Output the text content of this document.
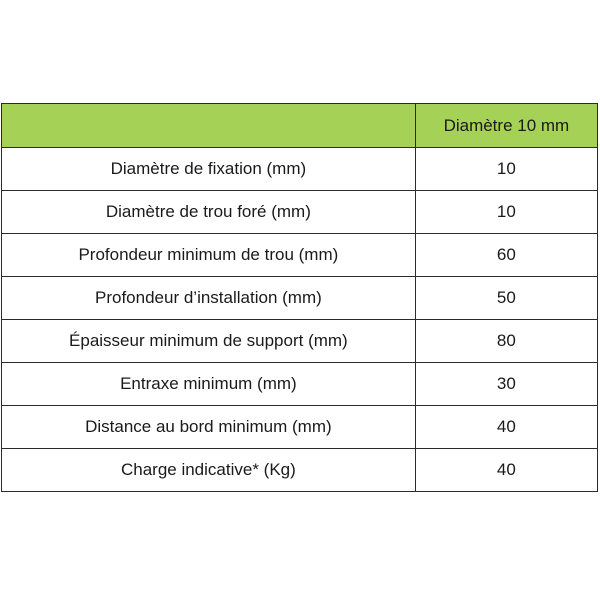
	Diamètre 10 mm
Diamètre de fixation (mm)	10
Diamètre de trou foré (mm)	10
Profondeur minimum de trou (mm)	60
Profondeur d’installation (mm)	50
Épaisseur minimum de support (mm)	80
Entraxe minimum (mm)	30
Distance au bord minimum (mm)	40
Charge indicative* (Kg)	40
